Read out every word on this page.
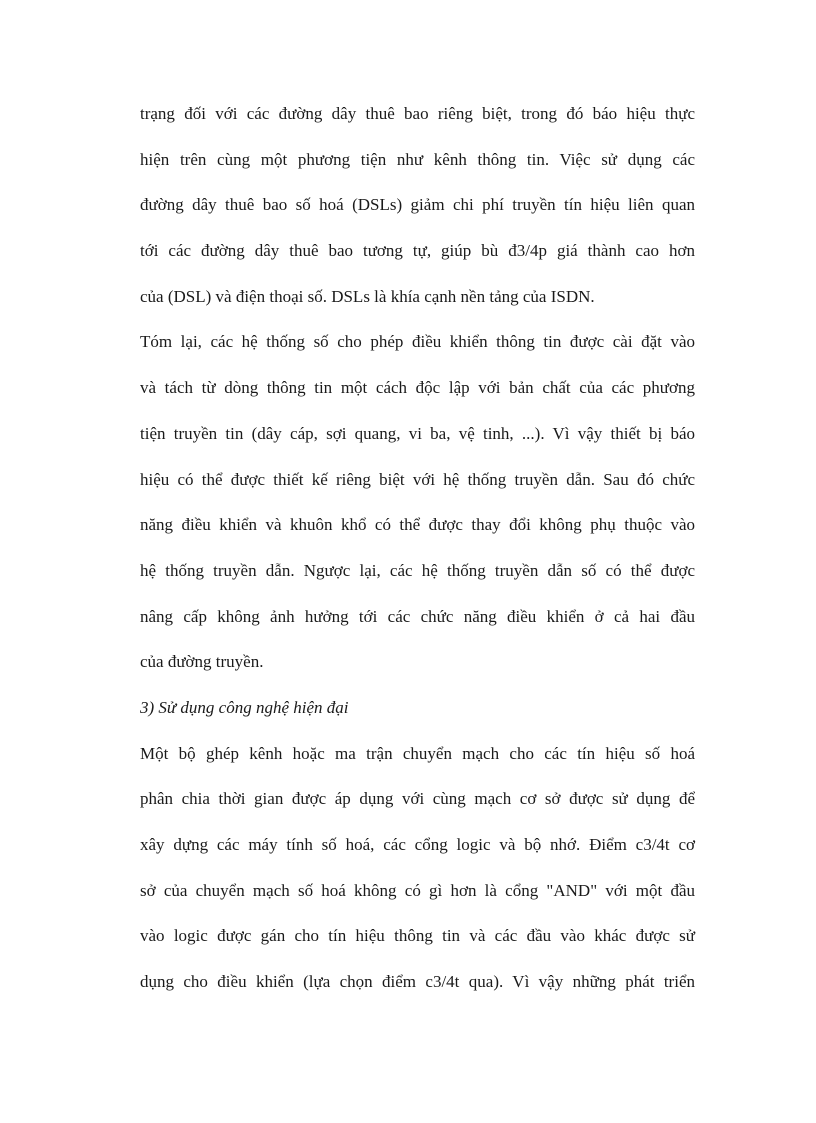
trạng đối với các đường dây thuê bao riêng biệt, trong đó báo hiệu thực
hiện trên cùng một phương tiện như kênh thông tin. Việc sử dụng các
đường dây thuê bao số hoá (DSLs) giảm chi phí truyền tín hiệu liên quan
tới các đường dây thuê bao tương tự, giúp bù đ3/4p giá thành cao hơn
của (DSL) và điện thoại số. DSLs là khía cạnh nền tảng của ISDN.
Tóm lại, các hệ thống số cho phép điều khiển thông tin được cài đặt vào
và tách từ dòng thông tin một cách độc lập với bản chất của các phương
tiện truyền tin (dây cáp, sợi quang, vi ba, vệ tinh, ...). Vì vậy thiết bị báo
hiệu có thể được thiết kế riêng biệt với hệ thống truyền dẫn. Sau đó chức
năng điều khiển và khuôn khổ có thể được thay đổi không phụ thuộc vào
hệ thống truyền dẫn. Ngược lại, các hệ thống truyền dẫn số có thể được
nâng cấp không ảnh hưởng tới các chức năng điều khiển ở cả hai đầu
của đường truyền.
3) Sử dụng công nghệ hiện đại
Một bộ ghép kênh hoặc ma trận chuyển mạch cho các tín hiệu số hoá
phân chia thời gian được áp dụng với cùng mạch cơ sở được sử dụng để
xây dựng các máy tính số hoá, các cổng logic và bộ nhớ. Điểm c3/4t cơ
sở của chuyển mạch số hoá không có gì hơn là cổng "AND" với một đầu
vào logic được gán cho tín hiệu thông tin và các đầu vào khác được sử
dụng cho điều khiển (lựa chọn điểm c3/4t qua). Vì vậy những phát triển
